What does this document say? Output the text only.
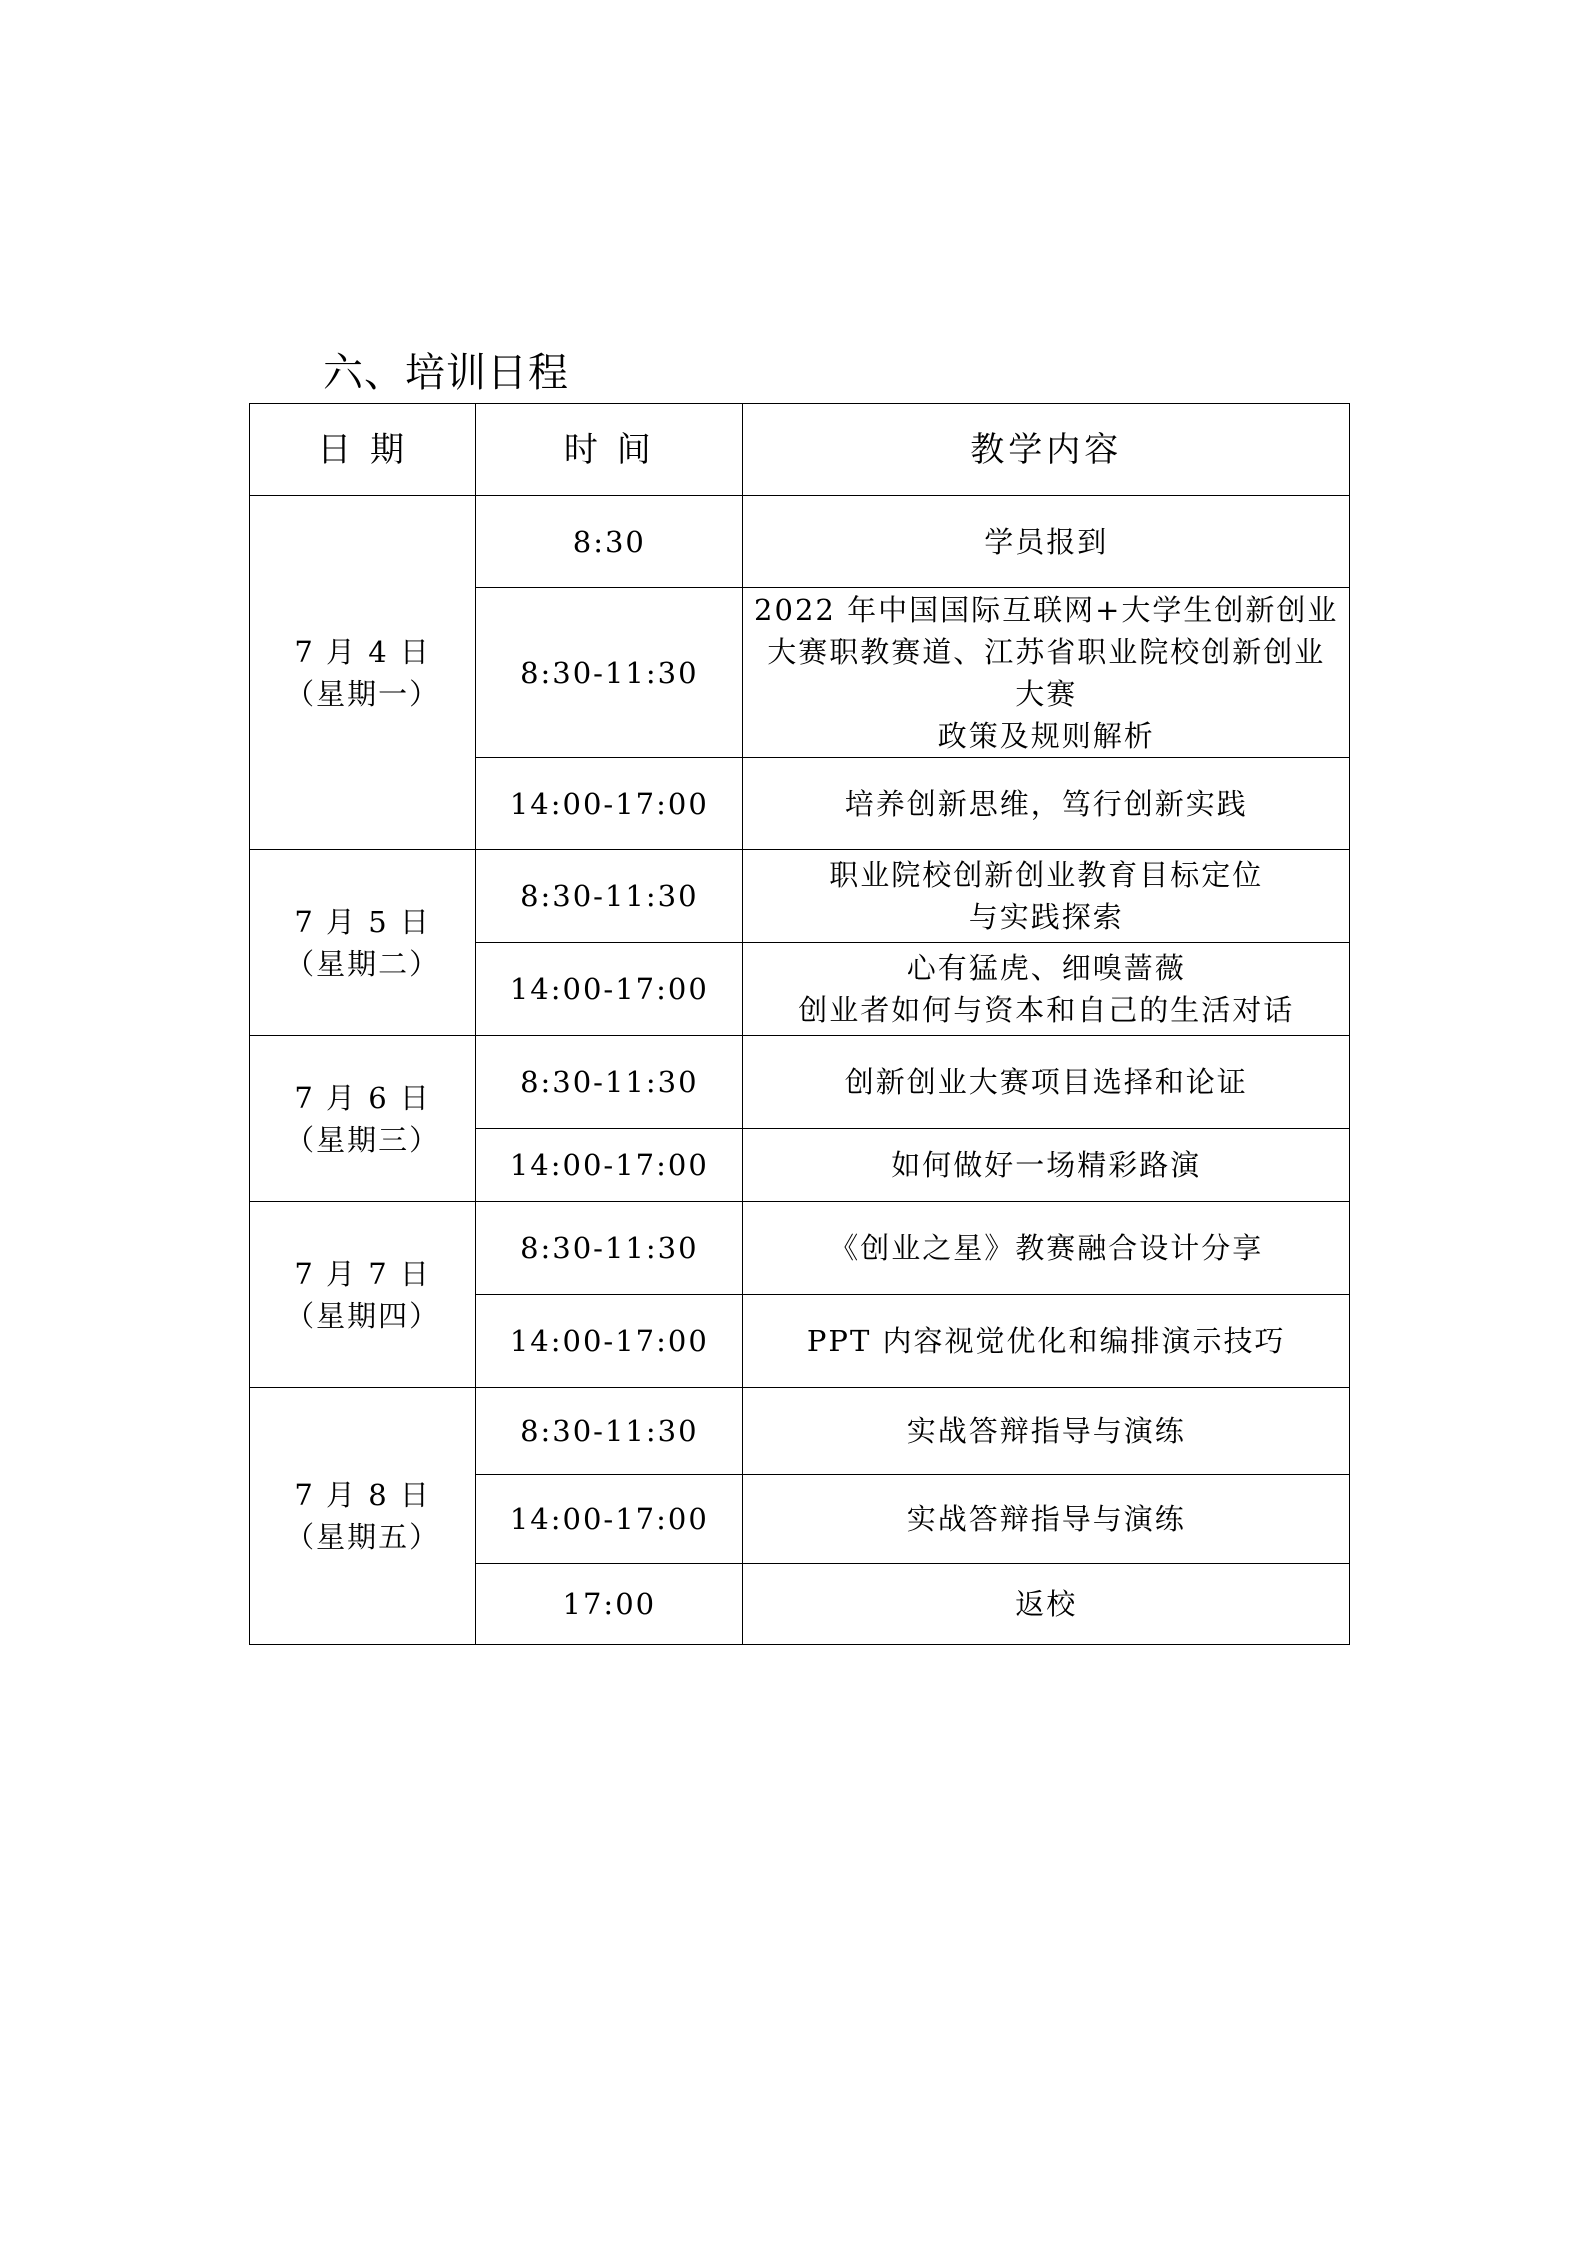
六、培训日程
日 期	时 间	教学内容

7 月 4 日
（星期一）	8:30	学员报到

	8:30-11:30	2022 年中国国际互联网+大学生创新创业
大赛职教赛道、江苏省职业院校创新创业
大赛
政策及规则解析

	14:00-17:00	培养创新思维，笃行创新实践

7 月 5 日
（星期二）	8:30-11:30	职业院校创新创业教育目标定位
与实践探索

	14:00-17:00	心有猛虎、细嗅蔷薇
创业者如何与资本和自己的生活对话

7 月 6 日
（星期三）	8:30-11:30	创新创业大赛项目选择和论证

	14:00-17:00	如何做好一场精彩路演

7 月 7 日
（星期四）	8:30-11:30	《创业之星》教赛融合设计分享

	14:00-17:00	PPT 内容视觉优化和编排演示技巧

7 月 8 日
（星期五）	8:30-11:30	实战答辩指导与演练

	14:00-17:00	实战答辩指导与演练

	17:00	返校
